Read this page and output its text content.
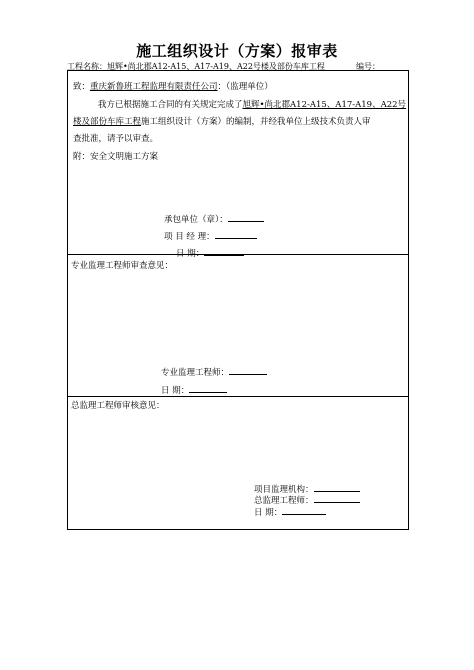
施工组织设计（方案）报审表
工程名称：旭辉•尚北郡A12-A15、A17-A19、A22号楼及部份车库工程	编号：
致：重庆新鲁班工程监理有限责任公司：（监理单位）
我方已根据施工合同的有关规定完成了旭辉•尚北郡A12-A15、A17-A19、A22号
楼及部份车库工程施工组织设计（方案）的编制，并经我单位上级技术负责人审
查批准，请予以审查。
附：安全文明施工方案
承包单位（章）：
项 目 经 理：
日 期：
专业监理工程师审查意见：
专业监理工程师：
日 期：
总监理工程师审核意见：
项目监理机构：
总监理工程师：
日 期：
